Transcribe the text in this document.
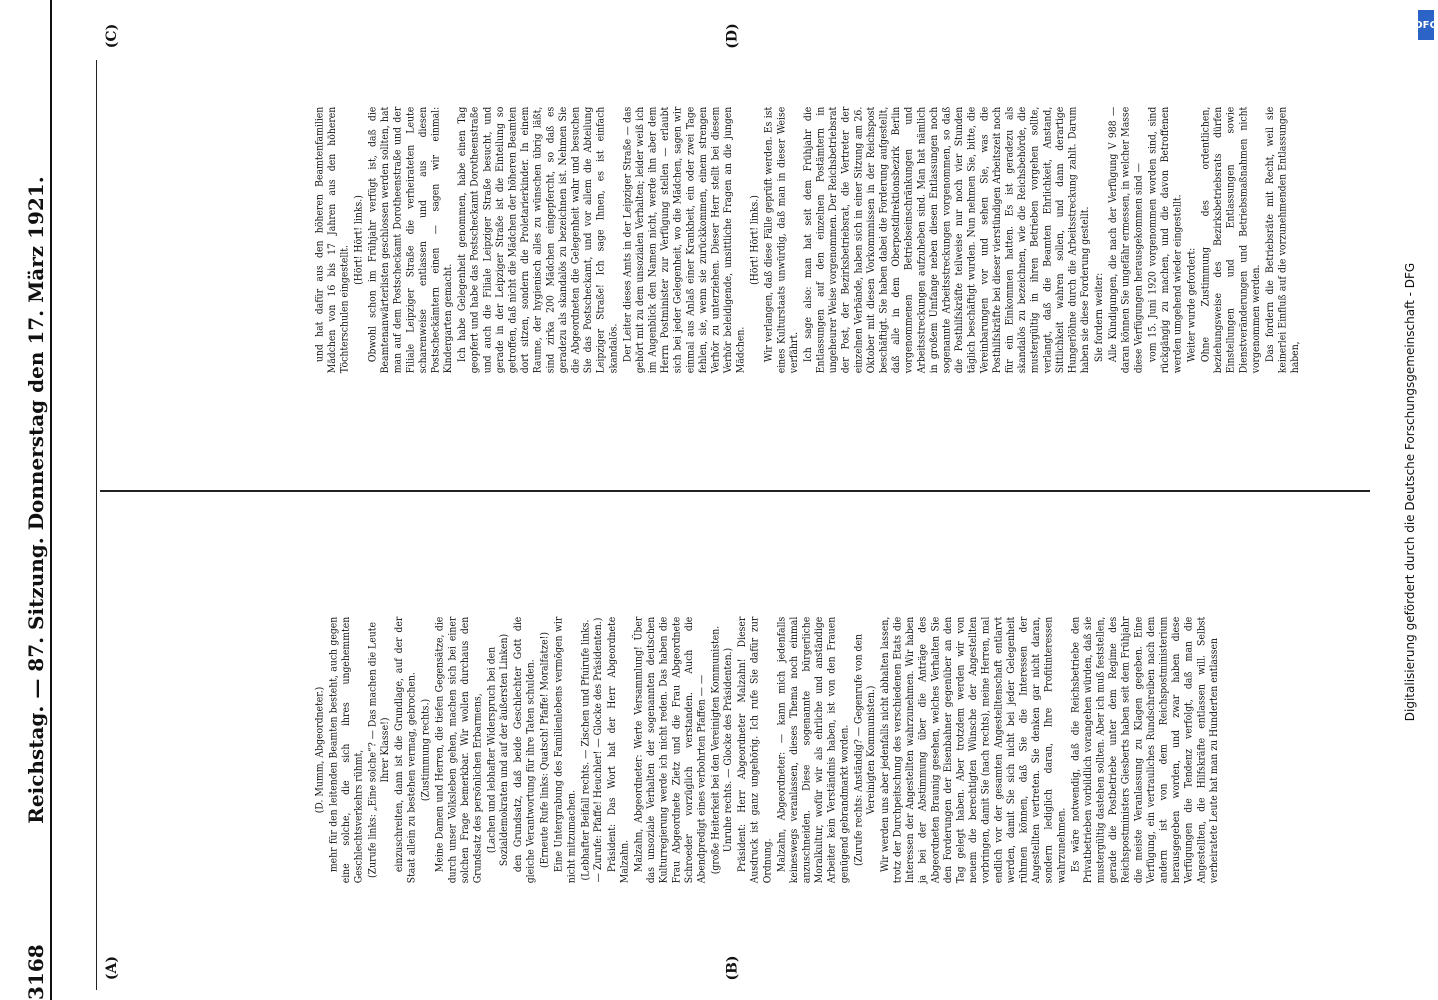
3168
Reichstag. — 87. Sitzung. Donnerstag den 17. März 1921.
(A)	(B)
(C)	(D)

(D. Mumm, Abgeordneter.) mehr für den leitenden Beamten besteht, auch gegen eine solche, die sich ihres ungehemmten Geschlechtsverkehrs rühmt, (Zurufe links: „Eine solche“? — Das machen die Leute Ihrer Klasse!) einzuschreiten, dann ist die Grundlage, auf der der Staat allein zu bestehen vermag, gebrochen. (Zustimmung rechts.) Meine Damen und Herren, die tiefen Gegensätze, die durch unser Volksleben gehen, machen sich bei einer solchen Frage bemerkbar. Wir wollen durchaus den Grundsatz des persönlichen Erbarmens, (Lachen und lebhafter Widerspruch bei den Sozialdemokraten und auf der äußersten Linken) den Grundsatz, daß beide Geschlechter Gott die gleiche Verantwortung für ihre Taten schulden. (Erneute Rufe links: Quatsch! Pfaffe! Moralfatze!) Eine Untergrabung des Familienlebens vermögen wir nicht mitzumachen. (Lebhafter Beifall rechts. — Zischen und Pfuirufe links. — Zurufe: Pfaffe! Heuchler! — Glocke des Präsidenten.) Präsident: Das Wort hat der Herr Abgeordnete Malzahn. Malzahn, Abgeordneter: Werte Versammlung! Über das unsoziale Verhalten der sogenannten deutschen Kulturregierung werde ich nicht reden. Das haben die Frau Abgeordnete Zietz und die Frau Abgeordnete Schroeder vorzüglich verstanden. Auch die Abendpredigt eines verbohrten Pfaffen — — (große Heiterkeit bei den Vereinigten Kommunisten. Unruhe rechts. — Glocke des Präsidenten.) Präsident: Herr Abgeordneter Malzahn! Dieser Ausdruck ist ganz ungehörig. Ich rufe Sie dafür zur Ordnung. Malzahn, Abgeordneter: — kann mich jedenfalls keineswegs veranlassen, dieses Thema noch einmal anzuschneiden. Diese sogenannte bürgerliche Moralkultur, wofür wir als ehrliche und anständige Arbeiter kein Verständnis haben, ist von den Frauen genügend gebrandmarkt worden. (Zurufe rechts: Anständig? — Gegenrufe von den Vereinigten Kommunisten.) Wir werden uns aber jedenfalls nicht abhalten lassen, trotz der Durchpeitschung des verschiedenen Etats die Interessen der Angestellten wahrzunehmen. Wir haben ja bei der Abstimmung über die Anträge des Abgeordneten Braunig gesehen, welches Verhalten Sie den Forderungen der Eisenbahner gegenüber an den Tag gelegt haben. Aber trotzdem werden wir von neuem die berechtigten Wünsche der Angestellten vorbringen, damit Sie (nach rechts), meine Herren, mal endlich vor der gesamten Angestelltenschaft entlarvt werden, damit Sie sich nicht bei jeder Gelegenheit rühmen können, daß Sie die Interessen der Angestellten vertreten. Sie denken gar nicht daran, sondern lediglich daran, Ihre Profitinteressen wahrzunehmen. Es wäre notwendig, daß die Reichsbetriebe den Privatbetrieben vorbildlich vorangehen würden, daß sie mustergültig dastehen sollten. Aber ich muß feststellen, gerade die Postbetriebe unter dem Regime des Reichspostministers Giesberts haben seit dem Frühjahr die meiste Veranlassung zu Klagen gegeben. Eine Verfügung, ein vertrauliches Rundschreiben nach dem andern ist von dem Reichspostministerium herausgegeben worden, und zwar haben diese Verfügungen die Tendenz verfolgt, daß man die Angestellten, die Hilfskräfte entlassen will. Selbst verheiratete Leute hat man zu Hunderten entlassen

und hat dafür aus den höheren Beamtenfamilien Mädchen von 16 bis 17 Jahren aus den höheren Töchterschulen eingestellt.

(Hört! Hört! links.) Obwohl schon im Frühjahr verfügt ist, daß die Beamtenanwärterlisten geschlossen werden sollten, hat man auf dem Postscheckamt Dorotheenstraße und der Filiale Leipziger Straße die verheirateten Leute scharenweise entlassen und aus diesen Postscheckämtern einen — sagen wir einmal: Kindergarten gemacht. Ich habe Gelegenheit genommen, habe einen Tag geopfert und habe das Postscheckamt Dorotheenstraße und auch die Filiale Leipziger Straße besucht, und gerade in der Leipziger Straße ist die Einteilung so getroffen, daß nicht die Mädchen der höheren Beamten dort sitzen, sondern die Proletarierkinder. In einem Raume, der hygienisch alles zu wünschen übrig läßt, sind zirka 200 Mädchen eingepfercht, so daß es geradezu als skandalös zu bezeichnen ist. Nehmen Sie die Abgeordneten die Gelegenheit wahr und besuchen Sie das Postscheckamt, und vor allem die Abteilung Leipziger Straße! Ich sage Ihnen, es ist einfach skandalös. Der Leiter dieses Amts in der Leipziger Straße — das gehört mit zu dem unsozialen Verhalten; leider weiß ich im Augenblick den Namen nicht, werde ihn aber dem Herrn Postminister zur Verfügung stellen — erlaubt sich bei jeder Gelegenheit, wo die Mädchen, sagen wir einmal aus Anlaß einer Krankheit, ein oder zwei Tage fehlen, sie, wenn sie zurückkommen, einem strengen Verhör zu unterziehen. Dieser Herr stellt bei diesem Verhör beleidigende, unsittliche Fragen an die jungen Mädchen.

(Hört! Hört! links.) Wir verlangen, daß diese Fälle geprüft werden. Es ist eines Kulturstaats unwürdig, daß man in dieser Weise verfährt. Ich sage also: man hat seit dem Frühjahr die Entlassungen auf den einzelnen Postämtern in ungeheurer Weise vorgenommen. Der Reichsbetriebsrat der Post, der Bezirksbetriebsrat, die Vertreter der einzelnen Verbände, haben sich in einer Sitzung am 26. Oktober mit diesen Vorkommnissen in der Reichspost beschäftigt. Sie haben dabei die Forderung aufgestellt, daß alle in dem Oberpostdirektionsbezirk Berlin vorgenommenen Betriebseinschränkungen und Arbeitsstreckungen aufzuheben sind. Man hat nämlich in großem Umfange neben diesen Entlassungen noch sogenannte Arbeitsstreckungen vorgenommen, so daß die Posthilfskräfte teilweise nur noch vier Stunden täglich beschäftigt wurden. Nun nehmen Sie, bitte, die Vereinbarungen vor und sehen Sie, was die Posthilfskräfte bei dieser vierstündigen Arbeitszeit noch für ein Einkommen hatten. Es ist geradezu als skandalös zu bezeichnen, wie die Reichsbehörde, die mustergültig in ihren Betrieben vorgehen sollte, verlangt, daß die Beamten Ehrlichkeit, Anstand, Sittlichkeit wahren sollen, und dann derartige Hungerlöhne durch die Arbeitsstreckung zahlt. Darum haben sie diese Forderung gestellt. Sie fordern weiter: Alle Kündigungen, die nach der Verfügung V 988 — daran können Sie ungefähr ermessen, in welcher Masse diese Verfügungen herausgekommen sind — vom 15. Juni 1920 vorgenommen worden sind, sind rückgängig zu machen, und die davon Betroffenen werden umgehend wieder eingestellt. Weiter wurde gefordert: Ohne Zustimmung des ordentlichen, beziehungsweise des Bezirksbetriebsrats dürfen Einstellungen und Entlassungen sowie Dienstveränderungen und Betriebsmaßnahmen nicht vorgenommen werden. Das fordern die Betriebsräte mit Recht, weil sie keinerlei Einfluß auf die vorzunehmenden Entlassungen haben,	Digitalisierung gefördert durch die Deutsche Forschungsgemeinschaft - DFG
DFG
